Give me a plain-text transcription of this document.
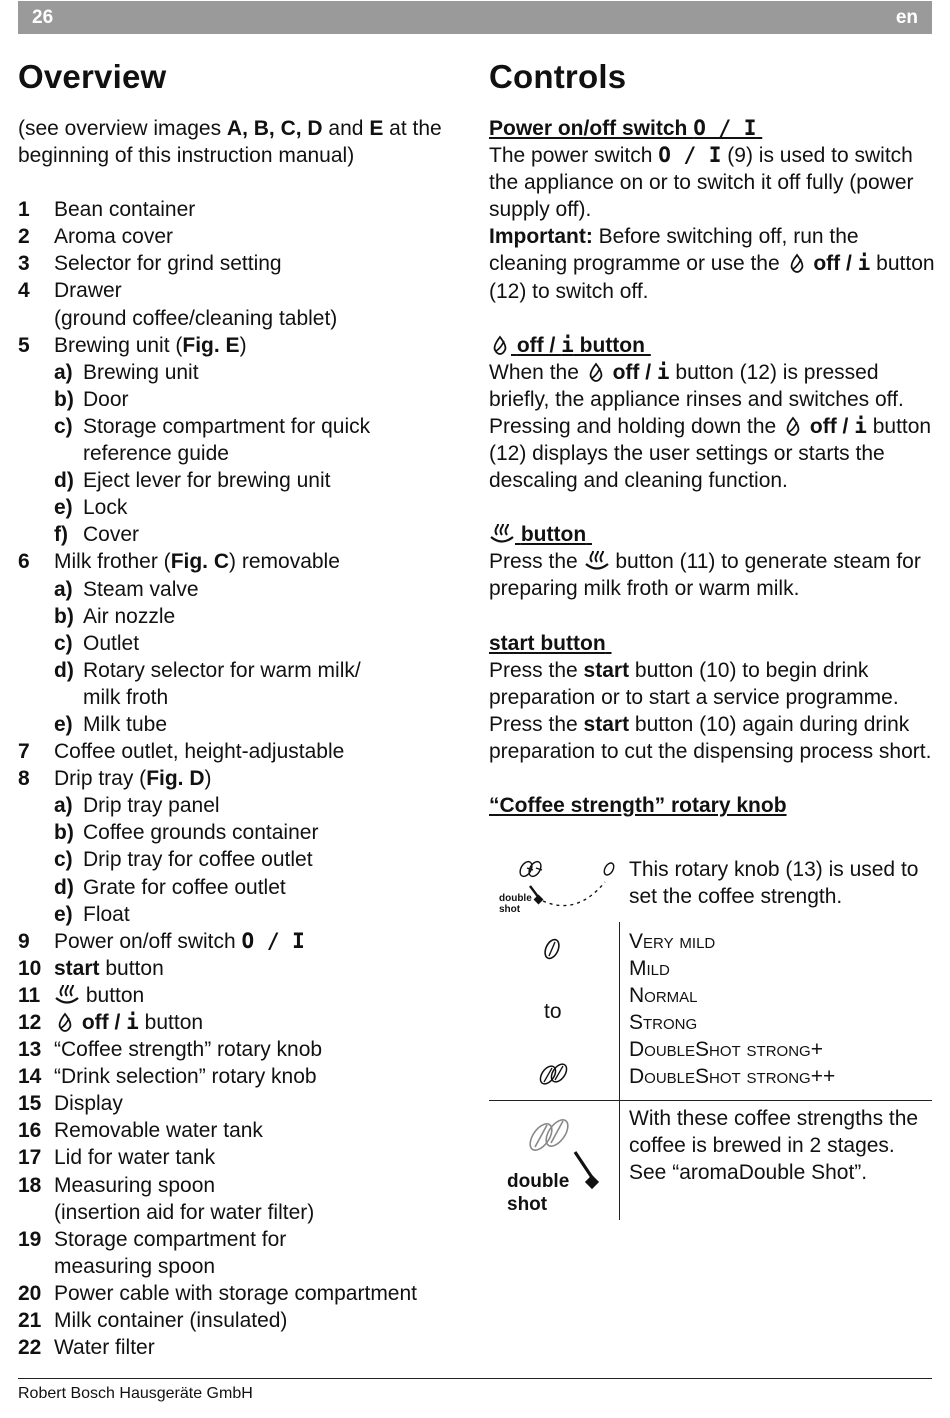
26	en
Overview	Controls
(see overview images A, B, C, D and E at the beginning of this instruction manual)
1 Bean container
2 Aroma cover
3 Selector for grind setting
4 Drawer
(ground coffee/cleaning tablet)
5 Brewing unit (Fig. E)
a) Brewing unit
b) Door
c) Storage compartment for quick
reference guide
d) Eject lever for brewing unit
e) Lock
f) Cover
6 Milk frother (Fig. C) removable
a) Steam valve
b) Air nozzle
c) Outlet
d) Rotary selector for warm milk/
milk froth
e) Milk tube
7 Coffee outlet, height-adjustable
8 Drip tray (Fig. D)
a) Drip tray panel
b) Coffee grounds container
c) Drip tray for coffee outlet
d) Grate for coffee outlet
e) Float
9 Power on/off switch O / I
10 start button
11 button
12 off / i button
13 “Coffee strength” rotary knob
14 “Drink selection” rotary knob
15 Display
16 Removable water tank
17 Lid for water tank
18 Measuring spoon
(insertion aid for water filter)
19 Storage compartment for
measuring spoon
20 Power cable with storage compartment
21 Milk container (insulated)
22 Water filter
Power on/off switch O / I
The power switch O / I (9) is used to switch the appliance on or to switch it off fully (power supply off).
Important: Before switching off, run the cleaning programme or use the  off / i button (12) to switch off.
off / i button
When the  off / i button (12) is pressed briefly, the appliance rinses and switches off. Pressing and holding down the  off / i button (12) displays the user settings or starts the descaling and cleaning function.
button
Press the  button (11) to generate steam for preparing milk froth or warm milk.
start button
Press the start button (10) to begin drink preparation or to start a service programme. Press the start button (10) again during drink preparation to cut the dispensing process short.
“Coffee strength” rotary knob
double
shot
This rotary knob (13) is used to set the coffee strength.
to
Very mild
Mild
Normal
Strong
DoubleShot strong+
DoubleShot strong++
double
shot
With these coffee strengths the coffee is brewed in 2 stages. See “aromaDouble Shot”.
Robert Bosch Hausgeräte GmbH
